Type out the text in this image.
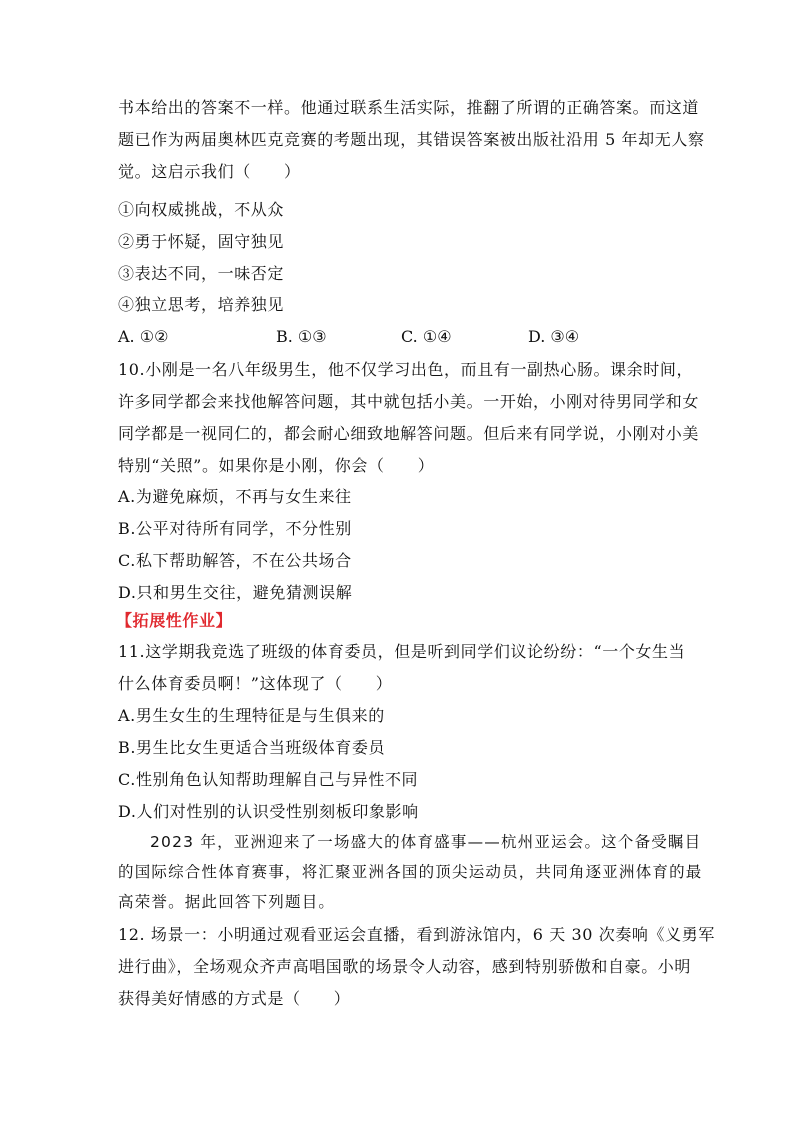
书本给出的答案不一样。他通过联系生活实际，推翻了所谓的正确答案。而这道
题已作为两届奥林匹克竞赛的考题出现，其错误答案被出版社沿用 5 年却无人察
觉。这启示我们（　　）
①向权威挑战，不从众
②勇于怀疑，固守独见
③表达不同，一味否定
④独立思考，培养独见
A. ①②	B. ①③	C. ①④	D. ③④
10.小刚是一名八年级男生，他不仅学习出色，而且有一副热心肠。课余时间，
许多同学都会来找他解答问题，其中就包括小美。一开始，小刚对待男同学和女
同学都是一视同仁的，都会耐心细致地解答问题。但后来有同学说，小刚对小美
特别“关照”。如果你是小刚，你会（　　）
A.为避免麻烦，不再与女生来往
B.公平对待所有同学，不分性别
C.私下帮助解答，不在公共场合
D.只和男生交往，避免猜测误解
【拓展性作业】
11.这学期我竞选了班级的体育委员，但是听到同学们议论纷纷：“一个女生当
什么体育委员啊！”这体现了（　　）
A.男生女生的生理特征是与生俱来的
B.男生比女生更适合当班级体育委员
C.性别角色认知帮助理解自己与异性不同
D.人们对性别的认识受性别刻板印象影响
2023 年，亚洲迎来了一场盛大的体育盛事——杭州亚运会。这个备受瞩目
的国际综合性体育赛事，将汇聚亚洲各国的顶尖运动员，共同角逐亚洲体育的最
高荣誉。据此回答下列题目。
12. 场景一：小明通过观看亚运会直播，看到游泳馆内，6 天 30 次奏响《义勇军
进行曲》，全场观众齐声高唱国歌的场景令人动容，感到特别骄傲和自豪。小明
获得美好情感的方式是（　　）
